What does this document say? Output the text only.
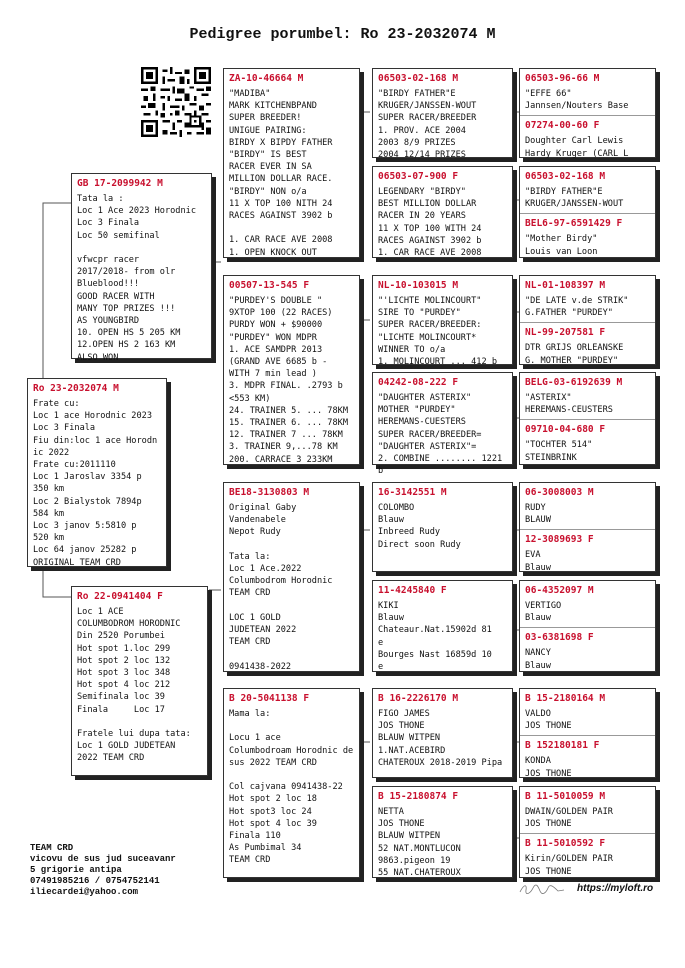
Pedigree porumbel: Ro 23-2032074 M
Ro 23-2032074 M
Frate cu:
Loc 1 ace Horodnic 2023
Loc 3 Finala
Fiu din:loc 1 ace Horodn
ic 2022
Frate cu:2011110
Loc 1 Jaroslav 3354 p
350 km
Loc 2 Bialystok 7894p
584 km
Loc 3 janov 5:5810 p
520 km
Loc 64 janov 25282 p
ORIGINAL TEAM CRD
GB 17-2099942 M
Tata la :
Loc 1 Ace 2023 Horodnic
Loc 3 Finala
Loc 50 semifinal

vfwcpr racer
2017/2018- from olr
Blueblood!!!
GOOD RACER WITH
MANY TOP PRIZES !!!
AS YOUNGBIRD
10. OPEN HS 5 205 KM
12.OPEN HS 2 163 KM
ALSO WON
Ro 22-0941404 F
Loc 1 ACE
COLUMBODROM HORODNIC
Din 2520 Porumbei
Hot spot 1.loc 299
Hot spot 2 loc 132
Hot spot 3 loc 348
Hot spot 4 loc 212
Semifinala loc 39
Finala     Loc 17

Fratele lui dupa tata:
Loc 1 GOLD JUDETEAN
2022 TEAM CRD
ZA-10-46664 M
"MADIBA"
MARK KITCHENBPAND
SUPER BREEDER!
UNIGUE PAIRING:
BIRDY X BIPDY FATHER
"BIRDY" IS BEST
RACER EVER IN SA
MILLION DOLLAR RACE.
"BIRDY" NON o/a
11 X TOP 100 NITH 24
RACES AGAINST 3902 b

1. CAR RACE AVE 2008
1. OPEN KNOCK OUT
00507-13-545 F
"PURDEY'S DOUBLE "
9XTOP 100 (22 RACES)
PURDY WON + $90000
"PURDEY" WON MDPR
1. ACE SAMDPR 2013
(GRAND AVE 6685 b -
WITH 7 min lead )
3. MDPR FINAL. .2793 b
<553 KM)
24. TRAINER 5. ... 78KM
15. TRAINER 6. ... 78KM
12. TRAINER 7 ... 78KM
3. TRAINER 9,...78 KM
200. CARRACE 3 233KM
BE18-3130803 M
Original Gaby
Vandenabele
Nepot Rudy

Tata la:
Loc 1 Ace.2022
Columbodrom Horodnic
TEAM CRD

LOC 1 GOLD
JUDETEAN 2022
TEAM CRD

0941438-2022
B 20-5041138 F
Mama la:

Locu 1 ace
Columbodroam Horodnic de
sus 2022 TEAM CRD

Col cajvana 0941438-22
Hot spot 2 loc 18
Hot spot3 loc 24
Hot spot 4 loc 39
Finala 110
As Pumbimal 34
TEAM CRD
06503-02-168 M
"BIRDY FATHER"E
KRUGER/JANSSEN-WOUT
SUPER RACER/BREEDER
1. PROV. ACE 2004
2003 8/9 PRIZES
2004 12/14 PRIZES
06503-07-900 F
LEGENDARY "BIRDY"
BEST MILLION DOLLAR
RACER IN 20 YEARS
11 X TOP 100 WITH 24
RACES AGAINST 3902 b
1. CAR RACE AVE 2008
NL-10-103015 M
"'LICHTE MOLINCOURT"
SIRE TO "PURDEY"
SUPER RACER/BREEDER:
"LICHTE MOLINCOURT*
WINNER TO o/a
1. MOLINCOURT ... 412 b
04242-08-222 F
"DAUGHTER ASTERIX"
MOTHER "PURDEY"
HEREMANS-CUESTERS
SUPER RACER/BREEDER=
"DAUGHTER ASTERIX"=
2. COMBINE ........ 1221 b
16-3142551 M
COLOMBO
Blauw
Inbreed Rudy
Direct soon Rudy
11-4245840 F
KIKI
Blauw
Chateaur.Nat.15902d 81
e
Bourges Nast 16859d 10
e
B 16-2226170 M
FIGO JAMES
JOS THONE
BLAUW WITPEN
1.NAT.ACEBIRD
CHATEROUX 2018-2019 Pipa
B 15-2180874 F
NETTA
JOS THONE
BLAUW WITPEN
52 NAT.MONTLUCON
9863.pigeon 19
55 NAT.CHATEROUX
06503-96-66 M
"EFFE 66"
Jannsen/Nouters Base
07274-00-60 F
Doughter Carl Lewis
Hardy Kruger (CARL L
06503-02-168 M
"BIRDY FATHER"E
KRUGER/JANSSEN-WOUT
BEL6-97-6591429 F
"Mother Birdy"
Louis van Loon
NL-01-108397 M
"DE LATE v.de STRIK"
G.FATHER "PURDEY"
NL-99-207581 F
DTR GRIJS ORLEANSKE
G. MOTHER "PURDEY"
BELG-03-6192639 M
"ASTERIX"
HEREMANS-CEUSTERS
09710-04-680 F
"TOCHTER 514"
STEINBRINK
06-3008003 M
RUDY
BLAUW
12-3089693 F
EVA
Blauw
06-4352097 M
VERTIGO
Blauw
03-6381698 F
NANCY
Blauw
B 15-2180164 M
VALDO
JOS THONE
B 152180181 F
KONDA
JOS THONE
B 11-5010059 M
DWAIN/GOLDEN PAIR
JOS THONE
B 11-5010592 F
Kirin/GOLDEN PAIR
JOS THONE
TEAM CRD
vicovu de sus jud suceavanr
5 grigorie antipa
07491985216 / 0754752141
iliecardei@yahoo.com	https://myloft.ro
